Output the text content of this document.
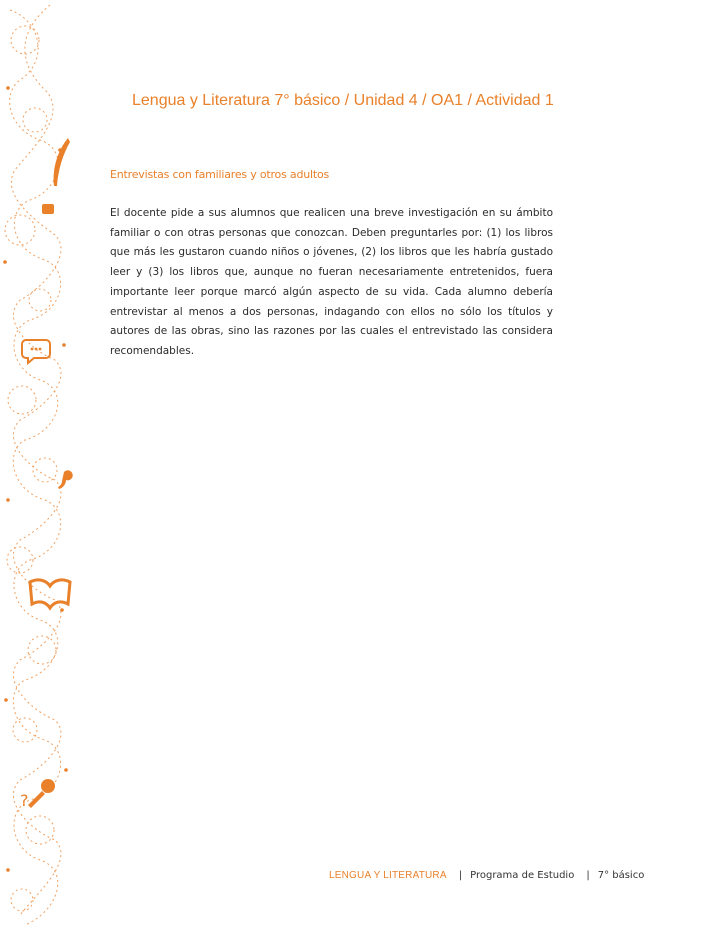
?
Lengua y Literatura 7° básico / Unidad 4 / OA1 / Actividad 1
Entrevistas con familiares y otros adultos

El docente pide a sus alumnos que realicen una breve investigación en su ámbito familiar o con otras personas que conozcan. Deben preguntarles por: (1) los libros que más les gustaron cuando niños o jóvenes, (2) los libros que les habría gustado leer y (3) los libros que, aunque no fueran necesariamente entretenidos, fuera importante leer porque marcó algún aspecto de su vida. Cada alumno debería entrevistar al menos a dos personas, indagando con ellos no sólo los títulos y autores de las obras, sino las razones por las cuales el entrevistado las considera recomendables.

LENGUA Y LITERATURA | Programa de Estudio | 7° básico
